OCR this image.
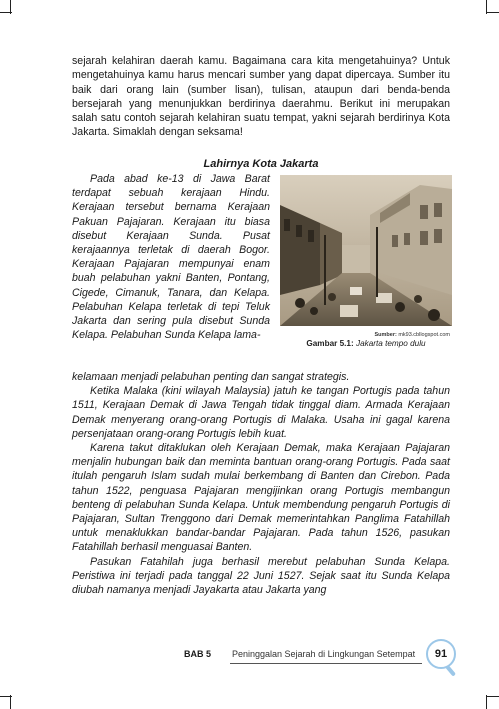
sejarah kelahiran daerah kamu. Bagaimana cara kita mengetahuinya? Untuk mengetahuinya kamu harus mencari sumber yang dapat dipercaya. Sumber itu baik dari orang lain (sumber lisan), tulisan, ataupun dari benda-benda bersejarah yang menunjukkan berdirinya daerahmu. Berikut ini merupakan salah satu contoh sejarah kelahiran suatu tempat, yakni sejarah berdirinya Kota Jakarta. Simaklah dengan seksama!

Lahirnya Kota Jakarta

Pada abad ke-13 di Jawa Barat terdapat sebuah kerajaan Hindu. Kerajaan tersebut bernama Kerajaan Pakuan Pajajaran. Kerajaan itu biasa disebut Kerajaan Sunda. Pusat kerajaannya terletak di daerah Bogor. Kerajaan Pajajaran mempunyai enam buah pelabuhan yakni Banten, Pontang, Cigede, Cimanuk, Tanara, dan Kelapa. Pelabuhan Kelapa terletak di tepi Teluk Jakarta dan sering pula disebut Sunda Kelapa. Pelabuhan Sunda Kelapa lama-	Sumber: mk93.cbllogspot.com
Gambar 5.1: Jakarta tempo dulu

kelamaan menjadi pelabuhan penting dan sangat strategis.

Ketika Malaka (kini wilayah Malaysia) jatuh ke tangan Portugis pada tahun 1511, Kerajaan Demak di Jawa Tengah tidak tinggal diam. Armada Kerajaan Demak menyerang orang-orang Portugis di Malaka. Usaha ini gagal karena persenjataan orang-orang Portugis lebih kuat.

Karena takut ditaklukan oleh Kerajaan Demak, maka Kerajaan Pajajaran menjalin hubungan baik dan meminta bantuan orang-orang Portugis. Pada saat itulah pengaruh Islam sudah mulai berkembang di Banten dan Cirebon. Pada tahun 1522, penguasa Pajajaran mengijinkan orang Portugis membangun benteng di pelabuhan Sunda Kelapa. Untuk membendung pengaruh Portugis di Pajajaran, Sultan Trenggono dari Demak memerintahkan Panglima Fatahillah untuk menaklukkan bandar-bandar Pajajaran. Pada tahun 1526, pasukan Fatahillah berhasil menguasai Banten.

Pasukan Fatahilah juga berhasil merebut pelabuhan Sunda Kelapa. Peristiwa ini terjadi pada tanggal 22 Juni 1527. Sejak saat itu Sunda Kelapa diubah namanya menjadi Jayakarta atau Jakarta yang

BAB 5 Peninggalan Sejarah di Lingkungan Setempat	91
